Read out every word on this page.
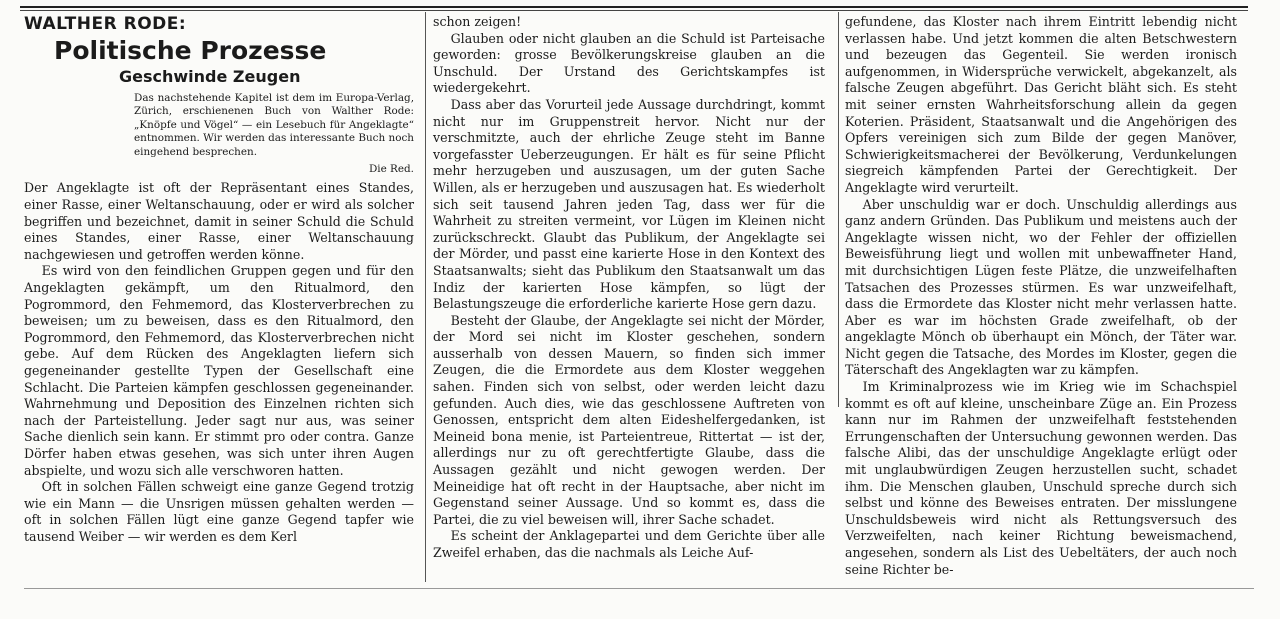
WALTHER RODE:
Politische Prozesse
Geschwinde Zeugen
Das nachstehende Kapitel ist dem im Europa-Verlag, Zürich, erschienenen Buch von Walther Rode: „Knöpfe und Vögel“ — ein Lesebuch für Angeklagte“ entnommen. Wir werden das interessante Buch noch eingehend besprechen.
Die Red.

Der Angeklagte ist oft der Repräsentant eines Standes, einer Rasse, einer Weltanschauung, oder er wird als solcher begriffen und bezeichnet, damit in seiner Schuld die Schuld eines Standes, einer Rasse, einer Weltanschauung nachgewiesen und getroffen werden könne.

Es wird von den feindlichen Gruppen gegen und für den Angeklagten gekämpft, um den Ritualmord, den Pogrommord, den Fehmemord, das Klosterverbrechen zu beweisen; um zu beweisen, dass es den Ritualmord, den Pogrommord, den Fehmemord, das Klosterverbrechen nicht gebe. Auf dem Rücken des Angeklagten liefern sich gegeneinander gestellte Typen der Gesellschaft eine Schlacht. Die Parteien kämpfen geschlossen gegeneinander. Wahrnehmung und Deposition des Einzelnen richten sich nach der Parteistellung. Jeder sagt nur aus, was seiner Sache dienlich sein kann. Er stimmt pro oder contra. Ganze Dörfer haben etwas gesehen, was sich unter ihren Augen abspielte, und wozu sich alle verschworen hatten.

Oft in solchen Fällen schweigt eine ganze Gegend trotzig wie ein Mann — die Unsrigen müssen gehalten werden — oft in solchen Fällen lügt eine ganze Gegend tapfer wie tausend Weiber — wir werden es dem Kerl

schon zeigen!

Glauben oder nicht glauben an die Schuld ist Parteisache geworden: grosse Bevölkerungskreise glauben an die Unschuld. Der Urstand des Gerichtskampfes ist wiedergekehrt.

Dass aber das Vorurteil jede Aussage durchdringt, kommt nicht nur im Gruppenstreit hervor. Nicht nur der verschmitzte, auch der ehrliche Zeuge steht im Banne vorgefasster Ueberzeugungen. Er hält es für seine Pflicht mehr herzugeben und auszusagen, um der guten Sache Willen, als er herzugeben und auszusagen hat. Es wiederholt sich seit tausend Jahren jeden Tag, dass wer für die Wahrheit zu streiten vermeint, vor Lügen im Kleinen nicht zurückschreckt. Glaubt das Publikum, der Angeklagte sei der Mörder, und passt eine karierte Hose in den Kontext des Staatsanwalts; sieht das Publikum den Staatsanwalt um das Indiz der karierten Hose kämpfen, so lügt der Belastungszeuge die erforderliche karierte Hose gern dazu.

Besteht der Glaube, der Angeklagte sei nicht der Mörder, der Mord sei nicht im Kloster geschehen, sondern ausserhalb von dessen Mauern, so finden sich immer Zeugen, die die Ermordete aus dem Kloster weggehen sahen. Finden sich von selbst, oder werden leicht dazu gefunden. Auch dies, wie das geschlossene Auftreten von Genossen, entspricht dem alten Eideshelfergedanken, ist Meineid bona menie, ist Parteientreue, Rittertat — ist der, allerdings nur zu oft gerechtfertigte Glaube, dass die Aussagen gezählt und nicht gewogen werden. Der Meineidige hat oft recht in der Hauptsache, aber nicht im Gegenstand seiner Aussage. Und so kommt es, dass die Partei, die zu viel beweisen will, ihrer Sache schadet.

Es scheint der Anklagepartei und dem Gerichte über alle Zweifel erhaben, das die nachmals als Leiche Auf-

gefundene, das Kloster nach ihrem Eintritt lebendig nicht verlassen habe. Und jetzt kommen die alten Betschwestern und bezeugen das Gegenteil. Sie werden ironisch aufgenommen, in Widersprüche verwickelt, abgekanzelt, als falsche Zeugen abgeführt. Das Gericht bläht sich. Es steht mit seiner ernsten Wahrheitsforschung allein da gegen Koterien. Präsident, Staatsanwalt und die Angehörigen des Opfers vereinigen sich zum Bilde der gegen Manöver, Schwierigkeitsmacherei der Bevölkerung, Verdunkelungen siegreich kämpfenden Partei der Gerechtigkeit. Der Angeklagte wird verurteilt.

Aber unschuldig war er doch. Unschuldig allerdings aus ganz andern Gründen. Das Publikum und meistens auch der Angeklagte wissen nicht, wo der Fehler der offiziellen Beweisführung liegt und wollen mit unbewaffneter Hand, mit durchsichtigen Lügen feste Plätze, die unzweifelhaften Tatsachen des Prozesses stürmen. Es war unzweifelhaft, dass die Ermordete das Kloster nicht mehr verlassen hatte. Aber es war im höchsten Grade zweifelhaft, ob der angeklagte Mönch ob überhaupt ein Mönch, der Täter war. Nicht gegen die Tatsache, des Mordes im Kloster, gegen die Täterschaft des Angeklagten war zu kämpfen.

Im Kriminalprozess wie im Krieg wie im Schachspiel kommt es oft auf kleine, unscheinbare Züge an. Ein Prozess kann nur im Rahmen der unzweifelhaft feststehenden Errungenschaften der Untersuchung gewonnen werden. Das falsche Alibi, das der unschuldige Angeklagte erlügt oder mit unglaubwürdigen Zeugen herzustellen sucht, schadet ihm. Die Menschen glauben, Unschuld spreche durch sich selbst und könne des Beweises entraten. Der misslungene Unschuldsbeweis wird nicht als Rettungsversuch des Verzweifelten, nach keiner Richtung beweismachend, angesehen, sondern als List des Uebeltäters, der auch noch seine Richter be-
